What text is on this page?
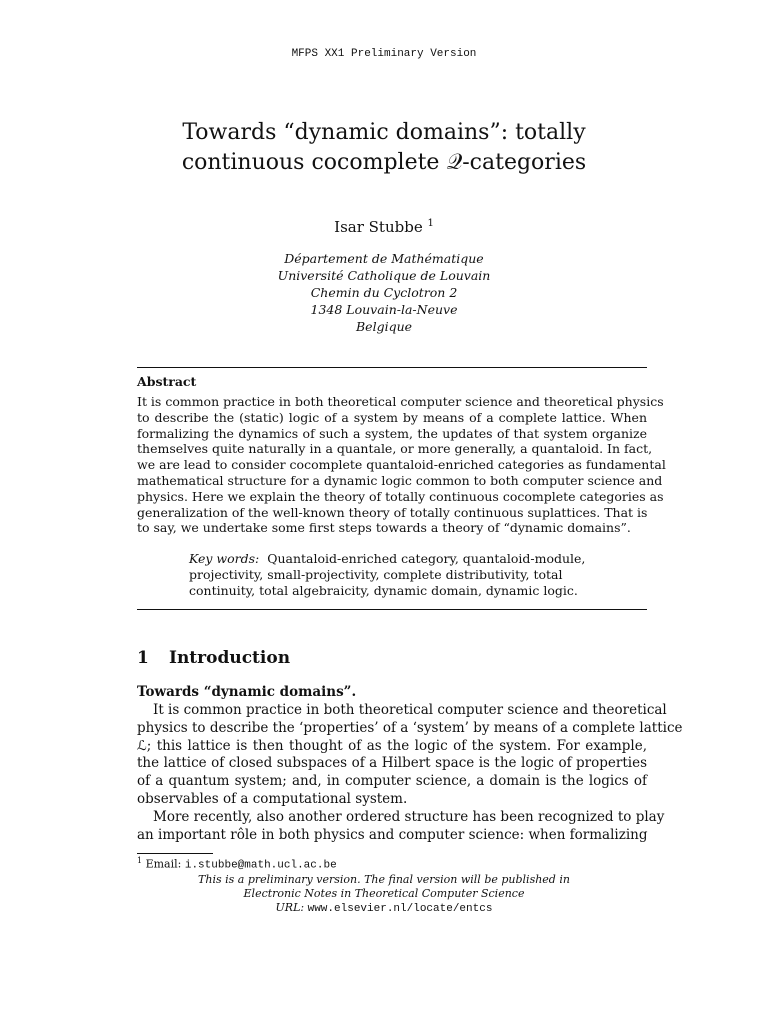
MFPS XX1 Preliminary Version
Towards “dynamic domains”: totally
continuous cocomplete 𝒬-categories
Isar Stubbe $^1$
Département de Mathématique
Université Catholique de Louvain
Chemin du Cyclotron 2
1348 Louvain-la-Neuve
Belgique
Abstract
It is common practice in both theoretical computer science and theoretical physics
to describe the (static) logic of a system by means of a complete lattice. When
formalizing the dynamics of such a system, the updates of that system organize
themselves quite naturally in a quantale, or more generally, a quantaloid. In fact,
we are lead to consider cocomplete quantaloid-enriched categories as fundamental
mathematical structure for a dynamic logic common to both computer science and
physics. Here we explain the theory of totally continuous cocomplete categories as
generalization of the well-known theory of totally continuous suplattices. That is
to say, we undertake some first steps towards a theory of “dynamic domains”.
Key words: Quantaloid-enriched category, quantaloid-module,
projectivity, small-projectivity, complete distributivity, total
continuity, total algebraicity, dynamic domain, dynamic logic.
1 Introduction
Towards “dynamic domains”.
It is common practice in both theoretical computer science and theoretical
physics to describe the ‘properties’ of a ‘system’ by means of a complete lattice
ℒ; this lattice is then thought of as the logic of the system. For example,
the lattice of closed subspaces of a Hilbert space is the logic of properties
of a quantum system; and, in computer science, a domain is the logics of
observables of a computational system.
More recently, also another ordered structure has been recognized to play
an important rôle in both physics and computer science: when formalizing
$^1$ Email: i.stubbe@math.ucl.ac.be
This is a preliminary version. The final version will be published in
Electronic Notes in Theoretical Computer Science
URL: www.elsevier.nl/locate/entcs
